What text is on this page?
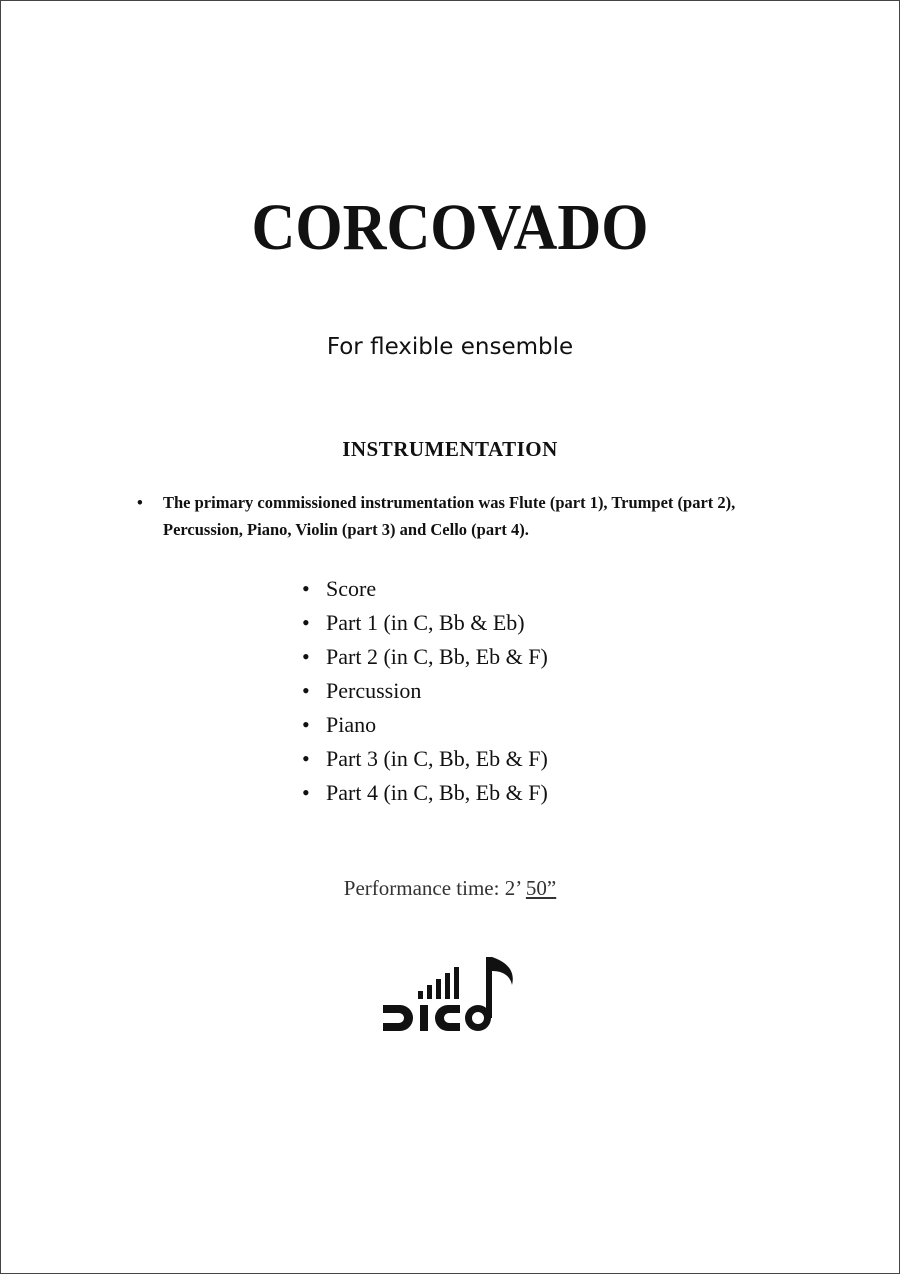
CORCOVADO
For flexible ensemble
INSTRUMENTATION
• The primary commissioned instrumentation was Flute (part 1), Trumpet (part 2), Percussion, Piano, Violin (part 3) and Cello (part 4).
• Score
• Part 1 (in C, Bb & Eb)
• Part 2 (in C, Bb, Eb & F)
• Percussion
• Piano
• Part 3 (in C, Bb, Eb & F)
• Part 4 (in C, Bb, Eb & F)
Performance time: 2’ 50”
